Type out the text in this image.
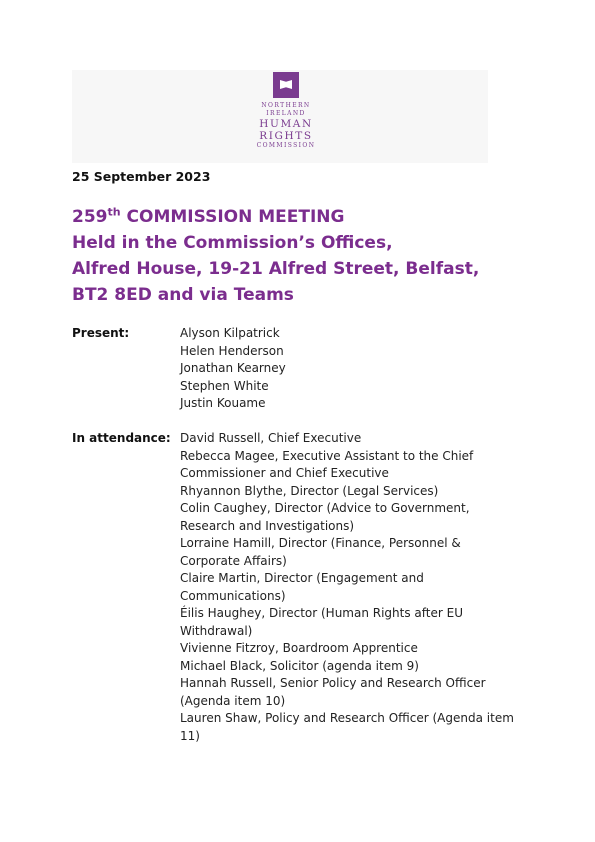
NORTHERN
IRELAND
HUMAN
RIGHTS
COMMISSION
25 September 2023
259th COMMISSION MEETING
Held in the Commission’s Offices,
Alfred House, 19-21 Alfred Street, Belfast,
BT2 8ED and via Teams
Present:	Alyson Kilpatrick
Helen Henderson
Jonathan Kearney
Stephen White
Justin Kouame
In attendance: David Russell, Chief Executive
Rebecca Magee, Executive Assistant to the Chief
Commissioner and Chief Executive
Rhyannon Blythe, Director (Legal Services)
Colin Caughey, Director (Advice to Government,
Research and Investigations)
Lorraine Hamill, Director (Finance, Personnel &
Corporate Affairs)
Claire Martin, Director (Engagement and
Communications)
Éilis Haughey, Director (Human Rights after EU
Withdrawal)
Vivienne Fitzroy, Boardroom Apprentice
Michael Black, Solicitor (agenda item 9)
Hannah Russell, Senior Policy and Research Officer
(Agenda item 10)
Lauren Shaw, Policy and Research Officer (Agenda item
11)
